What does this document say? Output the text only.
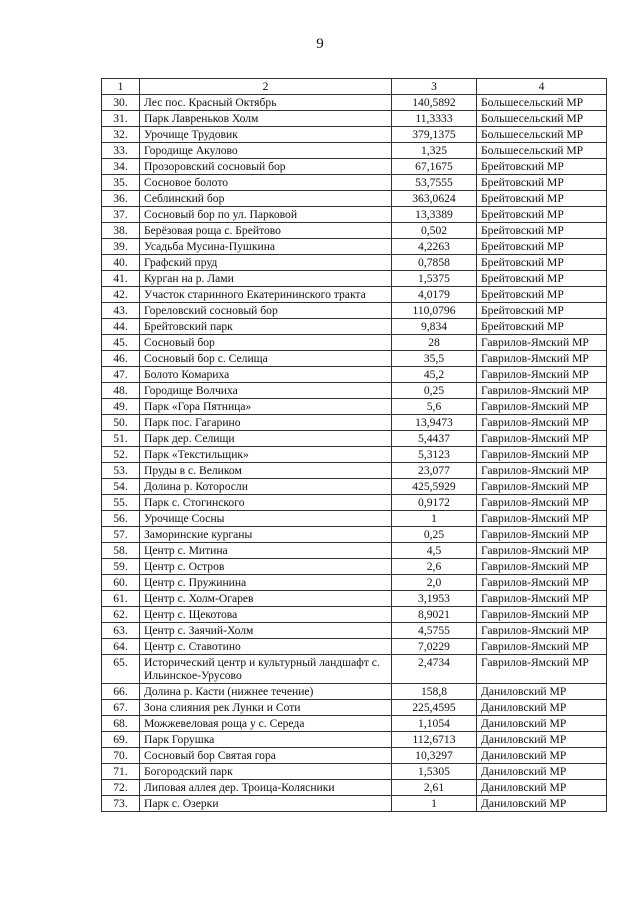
9
1	2	3	4
30.	Лес пос. Красный Октябрь	140,5892	Большесельский МР
31.	Парк Лавреньков Холм	11,3333	Большесельский МР
32.	Урочище Трудовик	379,1375	Большесельский МР
33.	Городище Акулово	1,325	Большесельский МР
34.	Прозоровский сосновый бор	67,1675	Брейтовский МР
35.	Сосновое болото	53,7555	Брейтовский МР
36.	Себлинский бор	363,0624	Брейтовский МР
37.	Сосновый бор по ул. Парковой	13,3389	Брейтовский МР
38.	Берёзовая роща с. Брейтово	0,502	Брейтовский МР
39.	Усадьба Мусина-Пушкина	4,2263	Брейтовский МР
40.	Графский пруд	0,7858	Брейтовский МР
41.	Курган на р. Лами	1,5375	Брейтовский МР
42.	Участок старинного Екатерининского тракта	4,0179	Брейтовский МР
43.	Гореловский сосновый бор	110,0796	Брейтовский МР
44.	Брейтовский парк	9,834	Брейтовский МР
45.	Сосновый бор	28	Гаврилов-Ямский МР
46.	Сосновый бор с. Селища	35,5	Гаврилов-Ямский МР
47.	Болото Комариха	45,2	Гаврилов-Ямский МР
48.	Городище Волчиха	0,25	Гаврилов-Ямский МР
49.	Парк «Гора Пятница»	5,6	Гаврилов-Ямский МР
50.	Парк пос. Гагарино	13,9473	Гаврилов-Ямский МР
51.	Парк дер. Селищи	5,4437	Гаврилов-Ямский МР
52.	Парк «Текстильщик»	5,3123	Гаврилов-Ямский МР
53.	Пруды в с. Великом	23,077	Гаврилов-Ямский МР
54.	Долина р. Которосли	425,5929	Гаврилов-Ямский МР
55.	Парк с. Стогинского	0,9172	Гаврилов-Ямский МР
56.	Урочище Сосны	1	Гаврилов-Ямский МР
57.	Заморинские курганы	0,25	Гаврилов-Ямский МР
58.	Центр с. Митина	4,5	Гаврилов-Ямский МР
59.	Центр с. Остров	2,6	Гаврилов-Ямский МР
60.	Центр с. Пружинина	2,0	Гаврилов-Ямский МР
61.	Центр с. Холм-Огарев	3,1953	Гаврилов-Ямский МР
62.	Центр с. Щекотова	8,9021	Гаврилов-Ямский МР
63.	Центр с. Заячий-Холм	4,5755	Гаврилов-Ямский МР
64.	Центр с. Ставотино	7,0229	Гаврилов-Ямский МР
65.	Исторический центр и культурный ландшафт с. Ильинское-Урусово	2,4734	Гаврилов-Ямский МР
66.	Долина р. Касти (нижнее течение)	158,8	Даниловский МР
67.	Зона слияния рек Лунки и Соти	225,4595	Даниловский МР
68.	Можжевеловая роща у с. Середа	1,1054	Даниловский МР
69.	Парк Горушка	112,6713	Даниловский МР
70.	Сосновый бор Святая гора	10,3297	Даниловский МР
71.	Богородский парк	1,5305	Даниловский МР
72.	Липовая аллея дер. Троица-Колясники	2,61	Даниловский МР
73.	Парк с. Озерки	1	Даниловский МР
